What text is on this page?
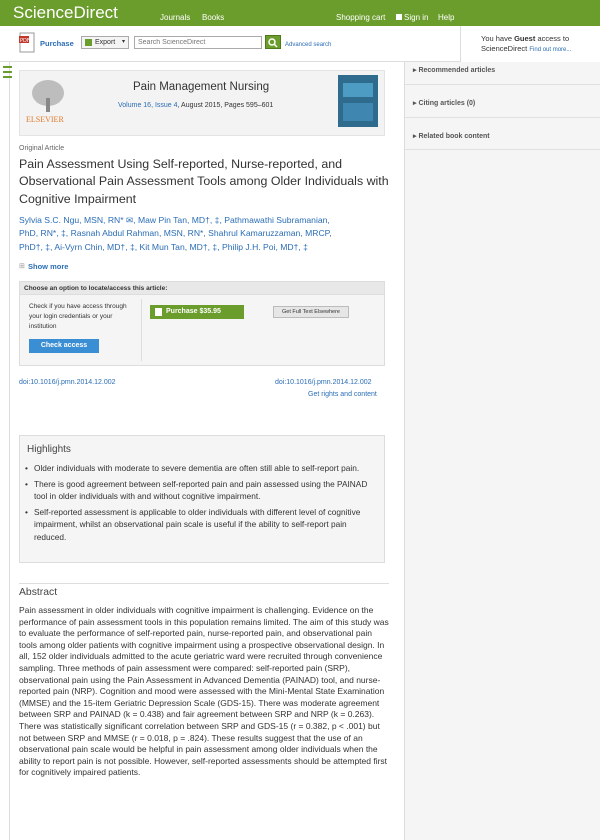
ScienceDirect	Journals Books	Shopping cart Sign in Help
PDF Purchase	Export ▾
Search ScienceDirect	Advanced search
You have Guest access to
ScienceDirect Find out more...
ELSEVIER
Pain Management Nursing
Volume 16, Issue 4, August 2015, Pages 595–601
Original Article
Pain Assessment Using Self-reported, Nurse-reported, and Observational Pain Assessment Tools among Older Individuals with Cognitive Impairment
Sylvia S.C. Ngu, MSN, RN* ✉, Maw Pin Tan, MD†, ‡, Pathmawathi Subramanian,
PhD, RN*, ‡, Rasnah Abdul Rahman, MSN, RN*, Shahrul Kamaruzzaman, MRCP,
PhD†, ‡, Ai-Vyrn Chin, MD†, ‡, Kit Mun Tan, MD†, ‡, Philip J.H. Poi, MD†, ‡
⊞ Show more
Choose an option to locate/access this article:
Check if you have access through your login credentials or your institution
Check access
Purchase $35.95	Get Full Text Elsewhere
doi:10.1016/j.pmn.2014.12.002	doi:10.1016/j.pmn.2014.12.002
Get rights and content
Highlights
• Older individuals with moderate to severe dementia are often still able to self-report pain.
• There is good agreement between self-reported pain and pain assessed using the PAINAD tool in older individuals with and without cognitive impairment.
• Self-reported assessment is applicable to older individuals with different level of cognitive impairment, whilst an observational pain scale is useful if the ability to self-report pain reduced.
Abstract
Pain assessment in older individuals with cognitive impairment is challenging. Evidence on the performance of pain assessment tools in this population remains limited. The aim of this study was to evaluate the performance of self-reported pain, nurse-reported pain, and observational pain tools among older patients with cognitive impairment using a prospective observational design. In all, 152 older individuals admitted to the acute geriatric ward were recruited through convenience sampling. Three methods of pain assessment were compared: self-reported pain (SRP), observational pain using the Pain Assessment in Advanced Dementia (PAINAD) tool, and nurse-reported pain (NRP). Cognition and mood were assessed with the Mini-Mental State Examination (MMSE) and the 15-item Geriatric Depression Scale (GDS-15). There was moderate agreement between SRP and PAINAD (k = 0.438) and fair agreement between SRP and NRP (k = 0.263). There was statistically significant correlation between SRP and GDS-15 (r = 0.382, p < .001) but not between SRP and MMSE (r = 0.018, p = .824). These results suggest that the use of an observational pain scale would be helpful in pain assessment among older individuals when the ability to report pain is not possible. However, self-reported assessments should be attempted first for cognitively impaired patients.
▸ Recommended articles
▸ Citing articles (0)
▸ Related book content
